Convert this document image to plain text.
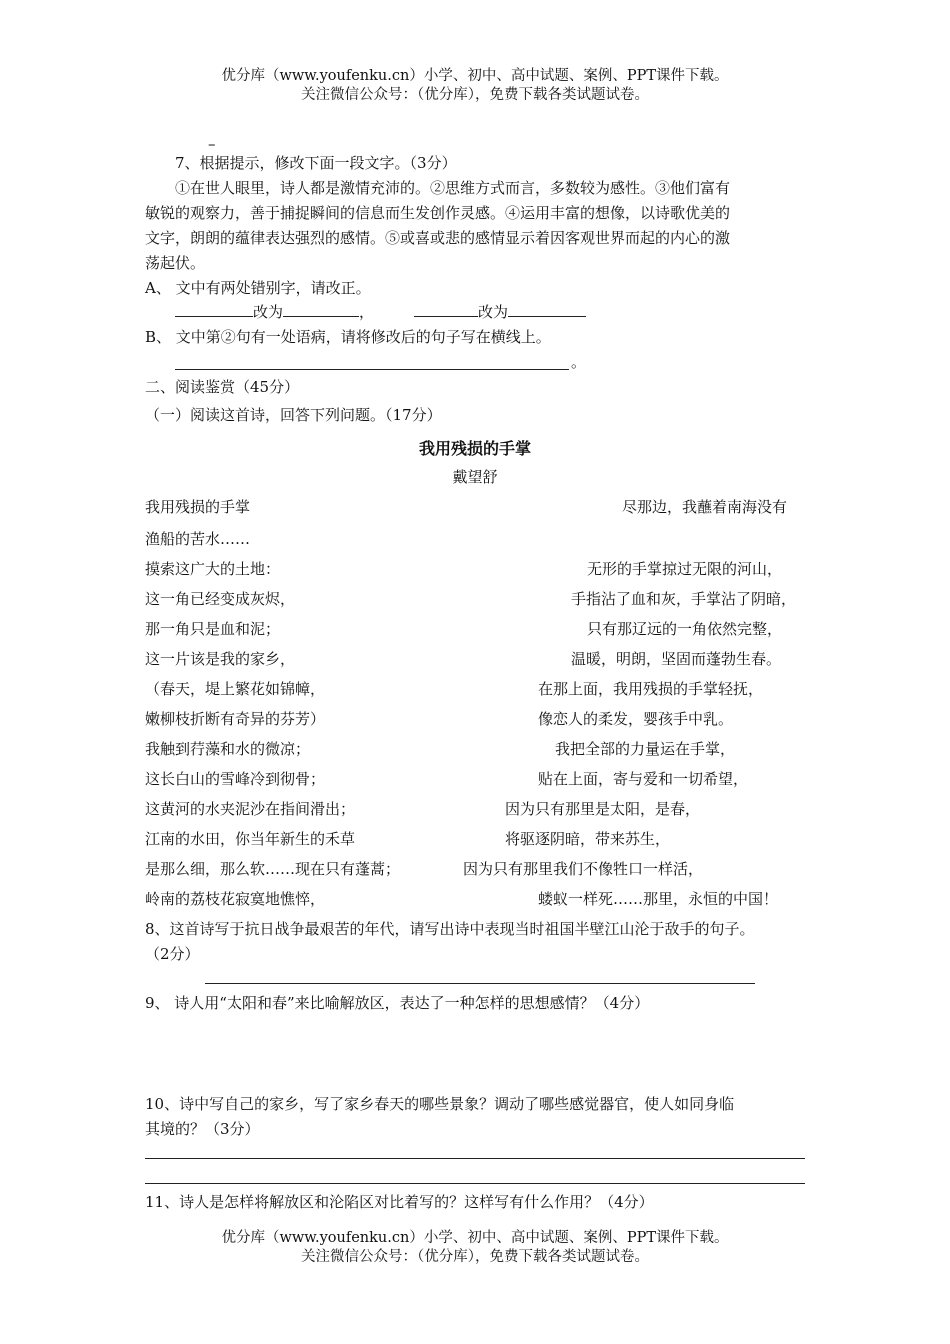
优分库（www.youfenku.cn）小学、初中、高中试题、案例、PPT课件下载。
关注微信公众号：（优分库），免费下载各类试题试卷。
–
7、根据提示，修改下面一段文字。（3分）
①在世人眼里，诗人都是激情充沛的。②思维方式而言，多数较为感性。③他们富有
敏锐的观察力，善于捕捉瞬间的信息而生发创作灵感。④运用丰富的想像，以诗歌优美的
文字，朗朗的蕴律表达强烈的感情。⑤或喜或悲的感情显示着因客观世界而起的内心的激
荡起伏。
A、 文中有两处错别字，请改正。
改为	，	改为
B、 文中第②句有一处语病，请将修改后的句子写在横线上。
。
二、阅读鉴赏（45分）
（一）阅读这首诗，回答下列问题。（17分）
我用残损的手掌
戴望舒
我用残损的手掌
渔船的苦水……
摸索这广大的土地：
这一角已经变成灰烬，
那一角只是血和泥；
这一片该是我的家乡，
（春天，堤上繁花如锦幛，
嫩柳枝折断有奇异的芬芳）
我触到荇藻和水的微凉；
这长白山的雪峰冷到彻骨；
这黄河的水夹泥沙在指间滑出；
江南的水田，你当年新生的禾草
是那么细，那么软……现在只有蓬蒿；
岭南的荔枝花寂寞地憔悴，
尽那边，我蘸着南海没有
无形的手掌掠过无限的河山，
手指沾了血和灰，手掌沾了阴暗，
只有那辽远的一角依然完整，
温暖，明朗，坚固而蓬勃生春。
在那上面，我用残损的手掌轻抚，
像恋人的柔发，婴孩手中乳。
我把全部的力量运在手掌，
贴在上面，寄与爱和一切希望，
因为只有那里是太阳，是春，
将驱逐阴暗，带来苏生，
因为只有那里我们不像牲口一样活，
蝼蚁一样死……那里，永恒的中国！
8、这首诗写于抗日战争最艰苦的年代，请写出诗中表现当时祖国半壁江山沦于敌手的句子。
（2分）
9、 诗人用“太阳和春”来比喻解放区，表达了一种怎样的思想感情？（4分）
10、诗中写自己的家乡，写了家乡春天的哪些景象？调动了哪些感觉器官，使人如同身临
其境的？（3分）
11、诗人是怎样将解放区和沦陷区对比着写的？这样写有什么作用？（4分）
优分库（www.youfenku.cn）小学、初中、高中试题、案例、PPT课件下载。
关注微信公众号：（优分库），免费下载各类试题试卷。
